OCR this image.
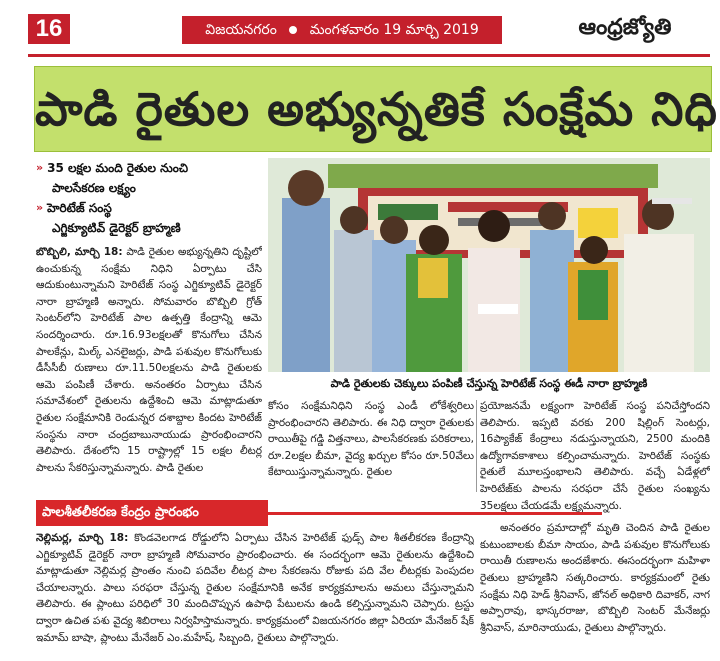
16	విజయనగరం మంగళవారం 19 మార్చి 2019	ఆంధ్రజ్యోతి
పాడి రైతుల అభ్యున్నతికే సంక్షేమ నిధి
» 35 లక్షల మంది రైతుల నుంచి
పాలసేకరణ లక్ష్యం
» హెరిటేజ్ సంస్థ
ఎగ్జిక్యూటివ్ డైరెక్టర్ బ్రాహ్మణి

బొబ్బిలి, మార్చి 18: పాడి రైతుల అభ్యున్నతిని దృష్టిలో ఉంచుకున్న సంక్షేమ నిధిని ఏర్పాటు చేసి ఆదుకుంటున్నామని హెరిటేజ్ సంస్థ ఎగ్జిక్యూటివ్ డైరెక్టర్ నారా బ్రాహ్మణి అన్నారు. సోమవారం బొబ్బిలి గ్రోత్ సెంటర్‌లోని హెరిటేజ్ పాల ఉత్పత్తి కేంద్రాన్ని ఆమె సందర్శించారు. రూ.16.93లక్షలతో కొనుగోలు చేసిన పాలకేన్లు, మిల్క్ ఎనలైజర్లు, పాడి పశువుల కొనుగోలుకు డీసీసీబీ రుణాలు రూ.11.50లక్షలను పాడి రైతులకు ఆమె పంపిణీ చేశారు. అనంతరం ఏర్పాటు చేసిన సమావేశంలో రైతులను ఉద్దేశించి ఆమె మాట్లాడుతూ రైతుల సంక్షేమానికి రెండున్నర దశాబ్దాల కిందట హెరిటేజ్ సంస్థను నారా చంద్రబాబునాయుడు ప్రారంభించారని తెలిపారు. దేశంలోని 15 రాష్ట్రాల్లో 15 లక్షల లీటర్ల పాలను సేకరిస్తున్నామన్నారు. పాడి రైతుల

పాడి రైతులకు చెక్కులు పంపిణీ చేస్తున్న హెరిటేజ్ సంస్థ ఈడీ నారా బ్రాహ్మణి

కోసం సంక్షేమనిధిని సంస్థ ఎండీ లోకేశ్వరిలు ప్రారంభించారని తెలిపారు. ఈ నిధి ద్వారా రైతులకు రాయితీపై గడ్డి విత్తనాలు, పాలసేకరణకు పరికరాలు, రూ.2లక్షల బీమా, వైద్య ఖర్చుల కోసం రూ.50వేలు కేటాయిస్తున్నామన్నారు. రైతుల

ప్రయోజనమే లక్ష్యంగా హెరిటేజ్ సంస్థ పనిచేస్తోందని తెలిపారు. ఇప్పటి వరకు 200 షిల్లింగ్ సెంటర్లు, 16ప్యాకేజ్ కేంద్రాలు నడుస్తున్నాయని, 2500 మందికి ఉద్యోగావకాశాలు కల్పించామన్నారు. హెరిటేజ్ సంస్థకు రైతులే మూలస్తంభాలని తెలిపారు. వచ్చే ఏడేళ్లలో హెరిటేజ్‌కు పాలను సరఫరా చేసే రైతుల సంఖ్యను 35లక్షలు చేయడమే లక్ష్యమన్నారు.

అనంతరం ప్రమాదాల్లో మృతి చెందిన పాడి రైతుల కుటుంబాలకు బీమా సాయం, పాడి పశువుల కొనుగోలుకు రాయితీ రుణాలను అందజేశారు. ఈసందర్భంగా మహిళా రైతులు బ్రాహ్మణిని సత్కరించారు. కార్యక్రమంలో రైతు సంక్షేమ నిధి హెడ్ శ్రీనివాస్, జోనల్ అధికారి దివాకర్, నాగ అప్పారావు, భాస్కరరాజు, బొబ్బిలి సెంటర్ మేనేజర్లు శ్రీనివాస్, మారినాయుడు, రైతులు పాల్గొన్నారు.

పాలశీతలీకరణ కేంద్రం ప్రారంభం

నెల్లిమర్ల, మార్చి 18: కొండవెలగాడ రోడ్డులోని ఏర్పాటు చేసిన హెరిటేజ్ ఫుడ్స్ పాల శీతలీకరణ కేంద్రాన్ని ఎగ్జిక్యూటివ్ డైరెక్టర్ నారా బ్రాహ్మణి సోమవారం ప్రారంభించారు. ఈ సందర్భంగా ఆమె రైతులను ఉద్దేశించి మాట్లాడుతూ నెల్లిమర్ల ప్రాంతం నుంచి పదివేల లీటర్ల పాల సేకరణను రోజుకు పది వేల లీటర్లకు పెంపుదల చేయాలన్నారు. పాలు సరఫరా చేస్తున్న రైతుల సంక్షేమానికి అనేక కార్యక్రమాలను అమలు చేస్తున్నామని తెలిపారు. ఈ ప్లాంటు పరిధిలో 30 మందిచొప్పున ఉపాధి పేటులను ఉండి కల్పిస్తున్నామని చెప్పారు. ట్రస్టు ద్వారా ఉచిత పశు వైద్య శిబిరాలు నిర్వహిస్తామన్నారు. కార్యక్రమంలో విజయనగరం జిల్లా ఏరియా మేనేజర్ షేక్ ఇమామ్ బాషా, ప్లాంటు మేనేజర్ ఎం.మహేష్, సిబ్బంది, రైతులు పాల్గొన్నారు.
